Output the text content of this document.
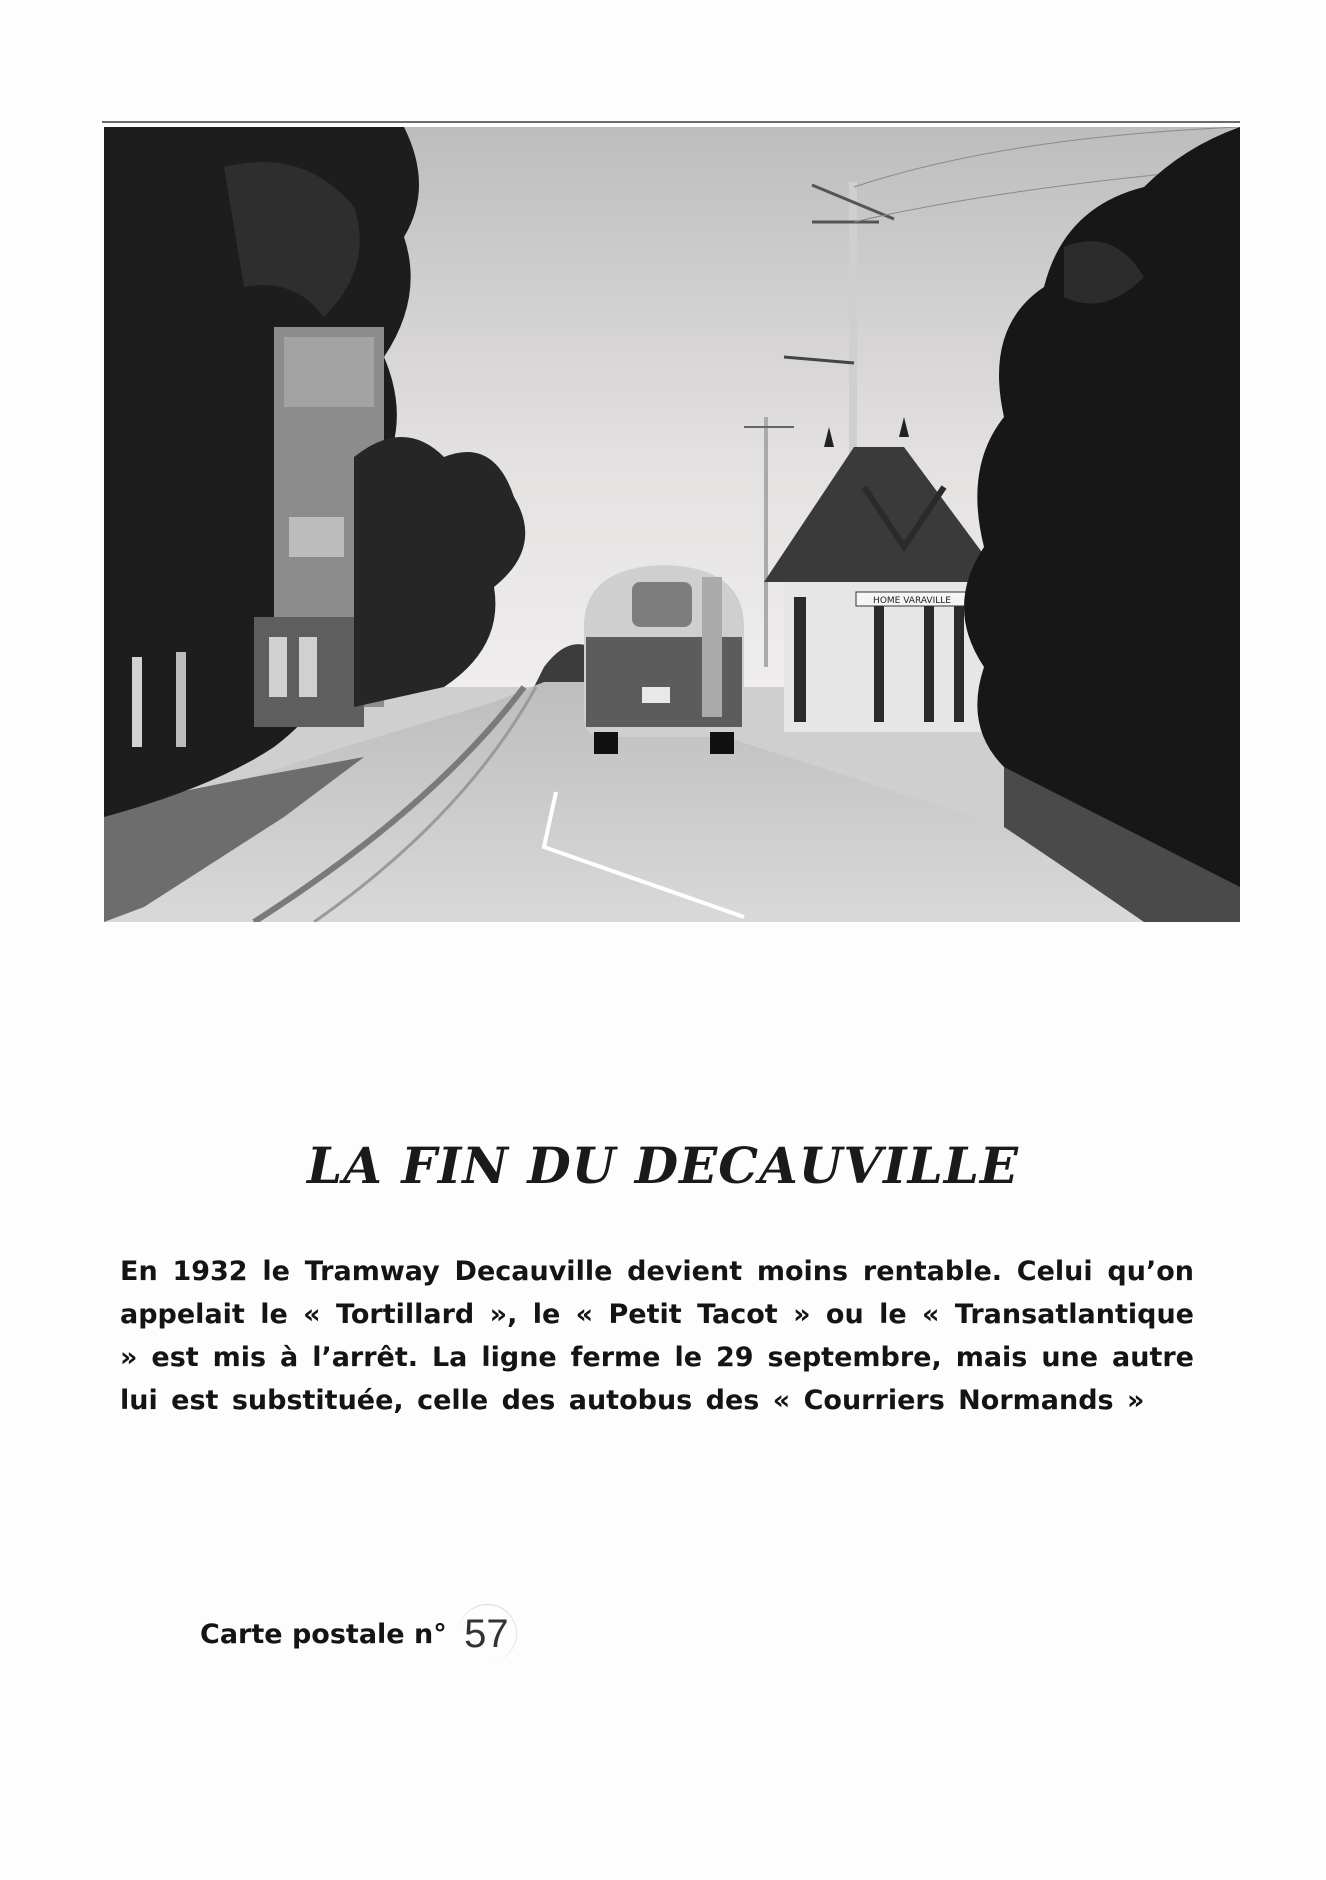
HOME VARAVILLE
LA FIN DU DECAUVILLE

En 1932 le Tramway Decauville devient moins rentable. Celui qu’on appelait le « Tortillard », le « Petit Tacot » ou le « Transatlantique » est mis à l’arrêt. La ligne ferme le 29 septembre, mais une autre lui est substituée, celle des autobus des « Courriers Normands »

Carte postale n° 57
